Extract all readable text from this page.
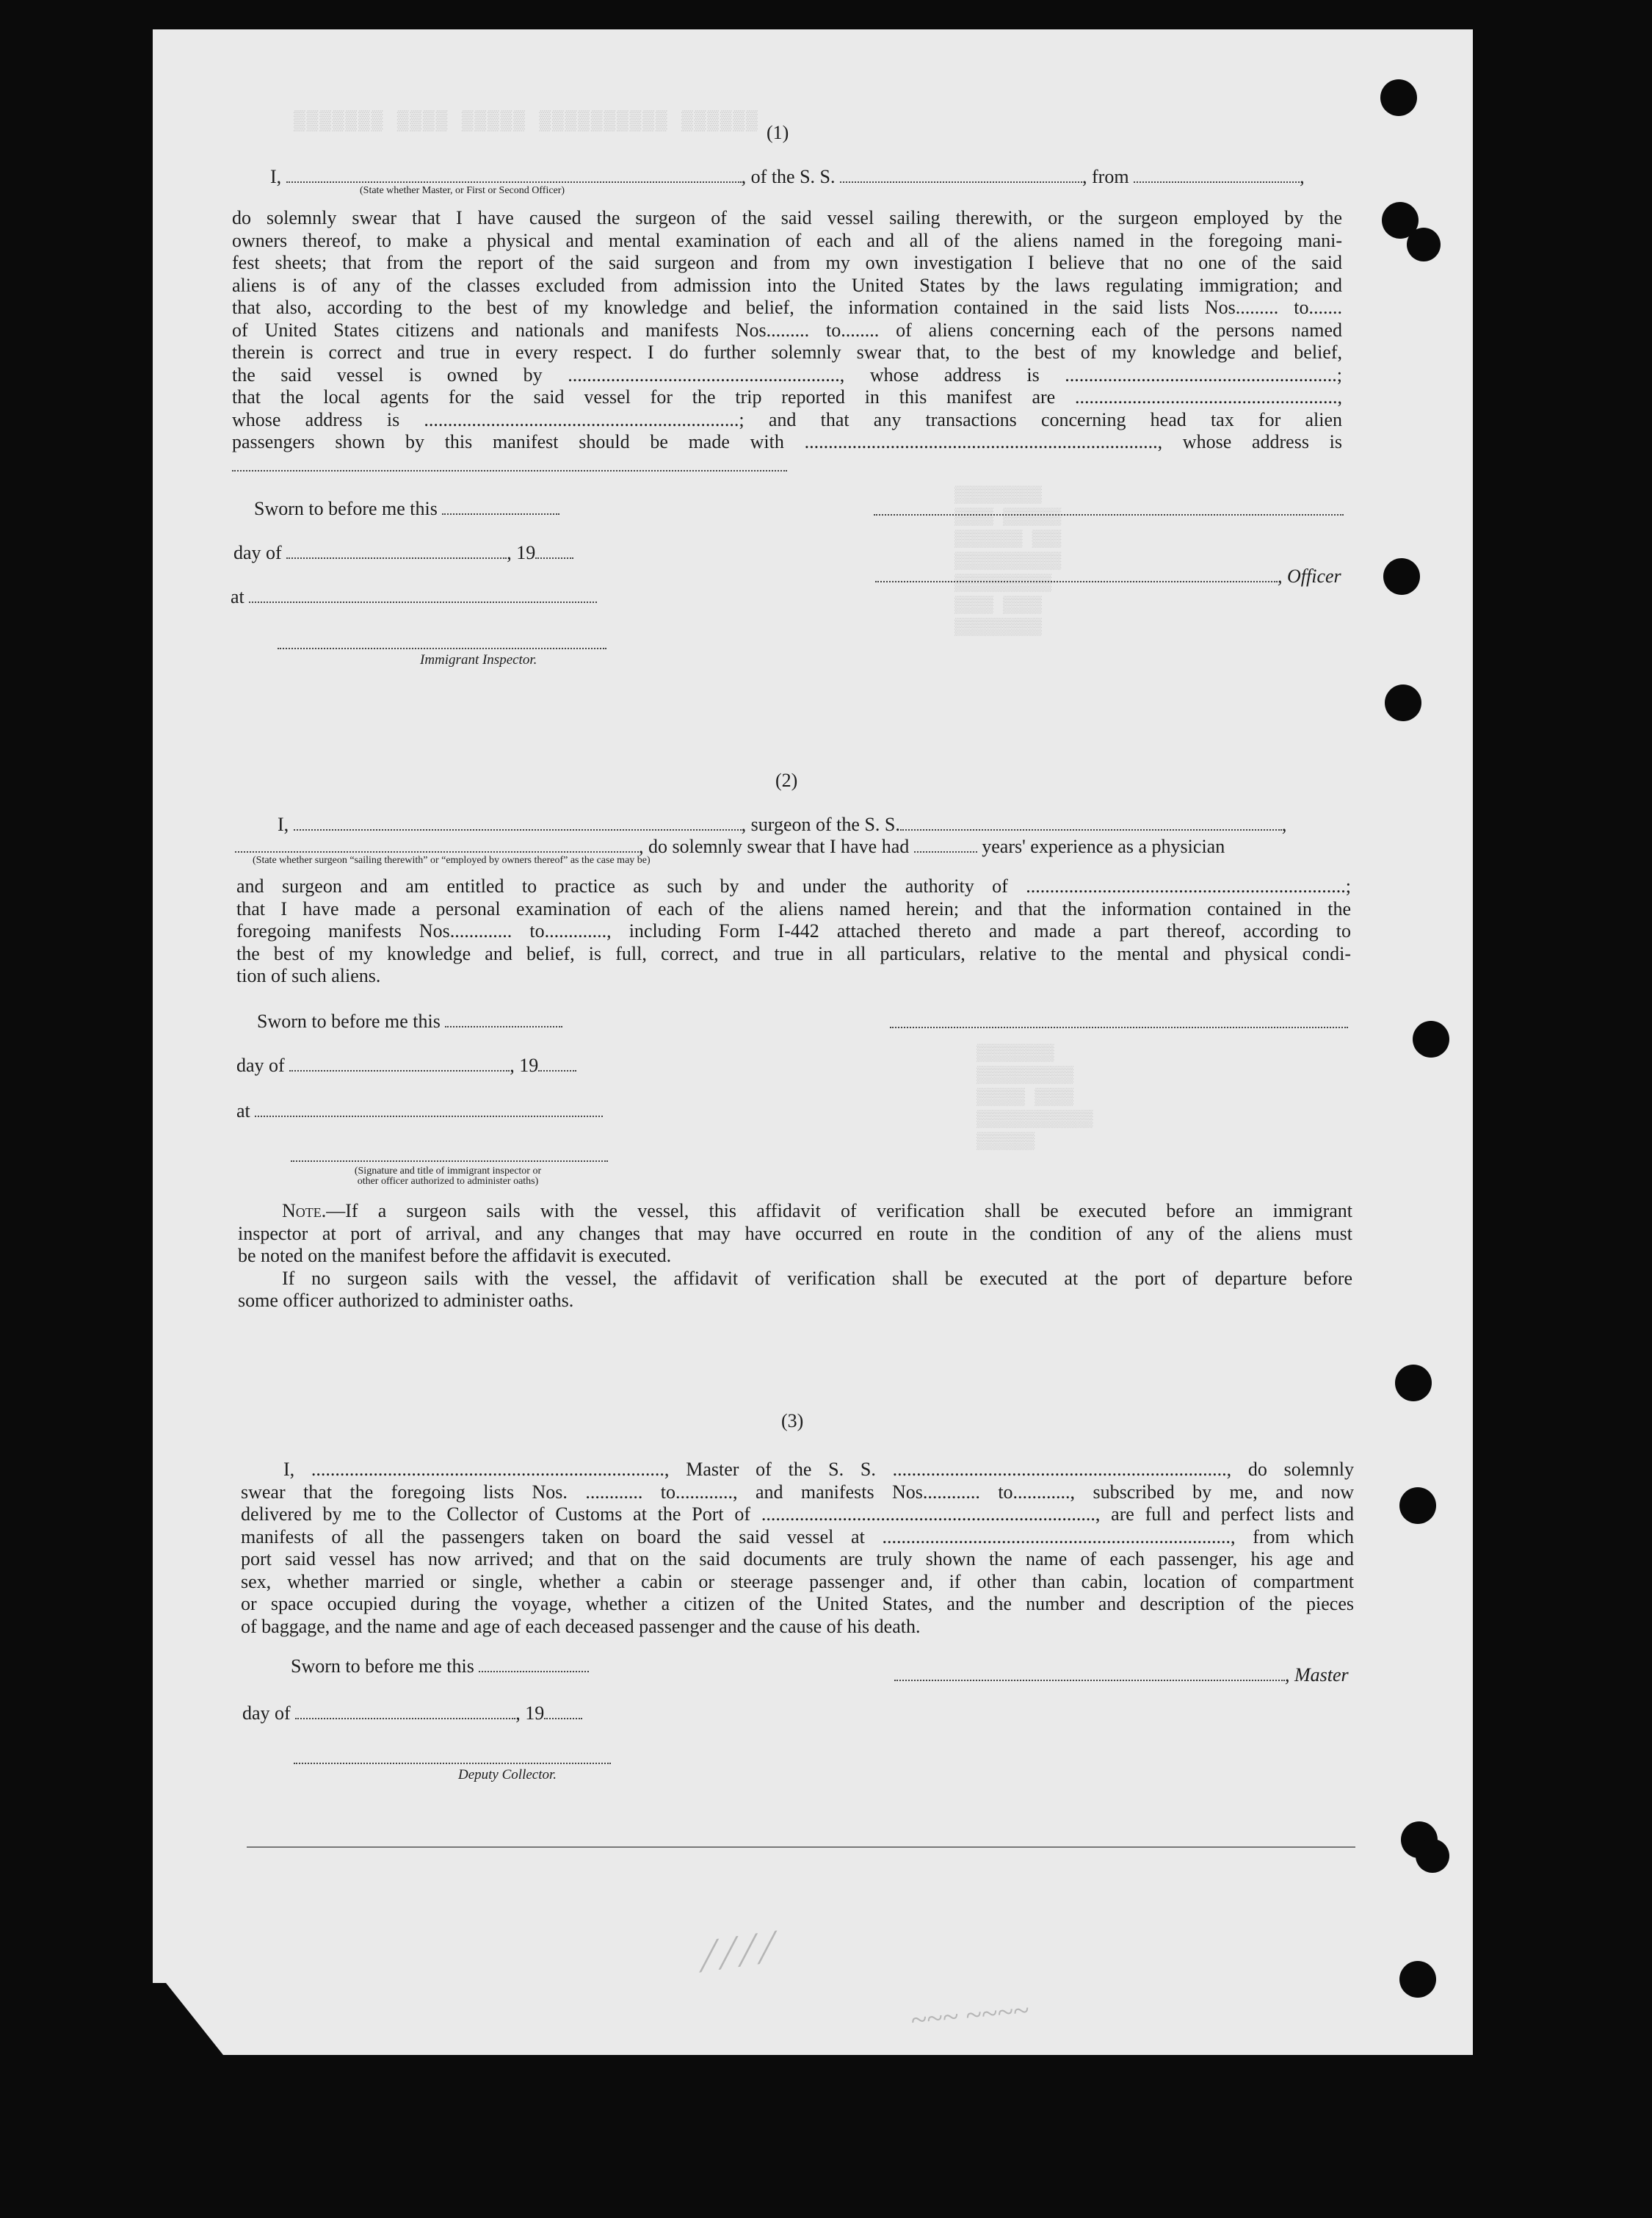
▒▒▒▒▒▒▒ ▒▒▒▒ ▒▒▒▒▒ ▒▒▒▒▒▒▒▒▒▒ ▒▒▒▒▒▒
▒▒▒▒▒▒▒▒▒
▒▒▒▒ ▒▒▒▒▒▒
▒▒▒▒▒▒▒ ▒▒▒
▒▒▒▒▒▒▒▒▒▒▒
▒▒▒▒▒▒▒▒▒▒
▒▒▒▒ ▒▒▒▒
▒▒▒▒▒▒▒▒▒
▒▒▒▒▒▒▒▒
▒▒▒▒▒▒▒▒▒▒
▒▒▒▒▒ ▒▒▒▒
▒▒▒▒▒▒▒▒▒▒▒▒
▒▒▒▒▒▒
⁄ ⁄ ⁄ ⁄
~~~ ~~~~
(1)
I,	, of the S. S.	, from	,
(State whether Master, or First or Second Officer)
do solemnly swear that I have caused the surgeon of the said vessel sailing therewith, or the surgeon employed by the
owners thereof, to make a physical and mental examination of each and all of the aliens named in the foregoing mani-
fest sheets; that from the report of the said surgeon and from my own investigation I believe that no one of the said
aliens is of any of the classes excluded from admission into the United States by the laws regulating immigration; and
that also, according to the best of my knowledge and belief, the information contained in the said lists Nos......... to.......
of United States citizens and nationals and manifests Nos......... to........ of aliens concerning each of the persons named
therein is correct and true in every respect. I do further solemnly swear that, to the best of my knowledge and belief,
the said vessel is owned by ........................................................., whose address is .........................................................;
that the local agents for the said vessel for the trip reported in this manifest are .......................................................,
whose address is ..................................................................; and that any transactions concerning head tax for alien
passengers shown by this manifest should be made with .........................................................................., whose address is
Sworn to before me this
day of	, 19
, Officer
at
Immigrant Inspector.
(2)
I,	, surgeon of the S. S.	,
, do solemnly swear that I have had	years' experience as a physician
(State whether surgeon “sailing therewith” or “employed by owners thereof” as the case may be)
and surgeon and am entitled to practice as such by and under the authority of ...................................................................;
that I have made a personal examination of each of the aliens named herein; and that the information contained in the
foregoing manifests Nos............. to............., including Form I-442 attached thereto and made a part thereof, according to
the best of my knowledge and belief, is full, correct, and true in all particulars, relative to the mental and physical condi-
tion of such aliens.
Sworn to before me this
day of	, 19
at
(Signature and title of immigrant inspector or
other officer authorized to administer oaths)
Note.—If a surgeon sails with the vessel, this affidavit of verification shall be executed before an immigrant
inspector at port of arrival, and any changes that may have occurred en route in the condition of any of the aliens must
be noted on the manifest before the affidavit is executed.
If no surgeon sails with the vessel, the affidavit of verification shall be executed at the port of departure before
some officer authorized to administer oaths.
(3)
I, .........................................................................., Master of the S. S. ......................................................................, do solemnly
swear that the foregoing lists Nos. ............ to............, and manifests Nos............ to............, subscribed by me, and now
delivered by me to the Collector of Customs at the Port of ......................................................................, are full and perfect lists and
manifests of all the passengers taken on board the said vessel at ........................................................................., from which
port said vessel has now arrived; and that on the said documents are truly shown the name of each passenger, his age and
sex, whether married or single, whether a cabin or steerage passenger and, if other than cabin, location of compartment
or space occupied during the voyage, whether a citizen of the United States, and the number and description of the pieces
of baggage, and the name and age of each deceased passenger and the cause of his death.
Sworn to before me this	, Master
day of	, 19
Deputy Collector.
